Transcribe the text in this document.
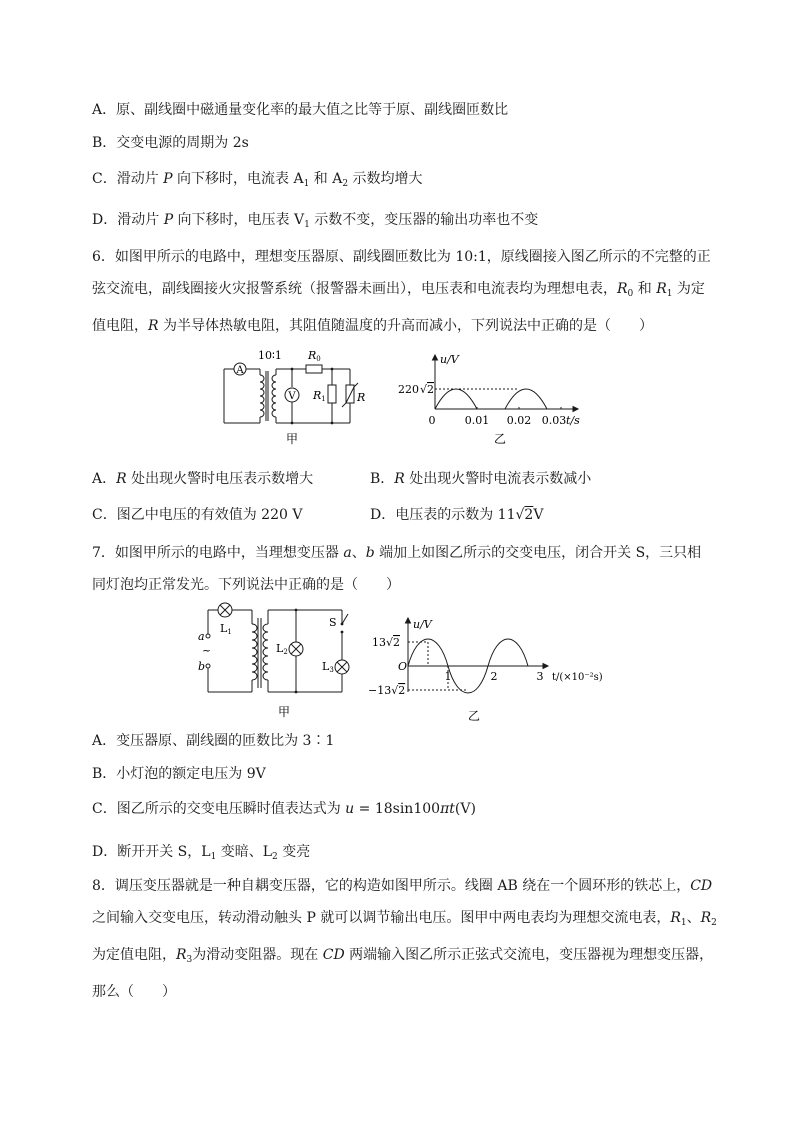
A．原、副线圈中磁通量变化率的最大值之比等于原、副线圈匝数比
B．交变电源的周期为 2s
C．滑动片 P 向下移时，电流表 $A_1$ 和 $A_2$ 示数均增大
D．滑动片 P 向下移时，电压表 $V_1$ 示数不变，变压器的输出功率也不变
6．如图甲所示的电路中，理想变压器原、副线圈匝数比为 10:1，原线圈接入图乙所示的不完整的正
弦交流电，副线圈接火灾报警系统（报警器未画出），电压表和电流表均为理想电表，$R_0$ 和 $R_1$ 为定
值电阻，R 为半导体热敏电阻，其阻值随温度的升高而减小，下列说法中正确的是（　　）
A
V
10∶1 R0
R1	R
甲
u/V
220√2
0	0.01 0.02 0.03 t/s
乙
A．R 处出现火警时电压表示数增大	B．R 处出现火警时电流表示数减小
C．图乙中电压的有效值为 220 V	D．电压表的示数为 11√2V
7．如图甲所示的电路中，当理想变压器 a、b 端加上如图乙所示的交变电压，闭合开关 S，三只相
同灯泡均正常发光。下列说法中正确的是（　　）
L1
a
~
b
L2
S
L3
甲
u/V
13√2
−13√2
O
1	2	3 t/(×10⁻²s)
乙
A．变压器原、副线圈的匝数比为 3∶1
B．小灯泡的额定电压为 9V
C．图乙所示的交变电压瞬时值表达式为 u = 18sin100πt(V)
D．断开开关 S，$L_1$ 变暗、$L_2$ 变亮
8．调压变压器就是一种自耦变压器，它的构造如图甲所示。线圈 AB 绕在一个圆环形的铁芯上，CD
之间输入交变电压，转动滑动触头 P 就可以调节输出电压。图甲中两电表均为理想交流电表，$R_1$、$R_2$
为定值电阻，$R_3$为滑动变阻器。现在 CD 两端输入图乙所示正弦式交流电，变压器视为理想变压器，
那么（　　）
